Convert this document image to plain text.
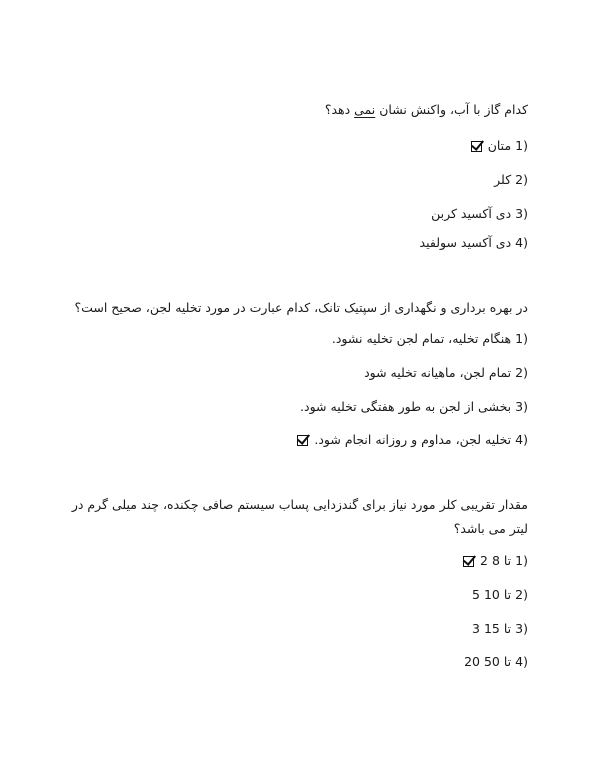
کدام گاز با آب، واکنش نشان نمی دهد؟

1)
متان
2)
کلر
3)
دی آکسید کربن
4)
دی آکسید سولفید

در بهره برداری و نگهداری از سپتیک تانک، کدام عبارت در مورد تخلیه لجن، صحیح است؟

1)
هنگام تخلیه، تمام لجن تخلیه نشود.
2)
تمام لجن، ماهیانه تخلیه شود
3)
بخشی از لجن به طور هفتگی تخلیه شود.
4)
تخلیه لجن، مداوم و روزانه انجام شود.

مقدار تقریبی کلر مورد نیاز برای گندزدایی پساب سیستم صافی چکنده، چند میلی گرم در لیتر می باشد؟

1)
2 تا 8
2)
5 تا 10
3)
3 تا 15
4)
20 تا 50
